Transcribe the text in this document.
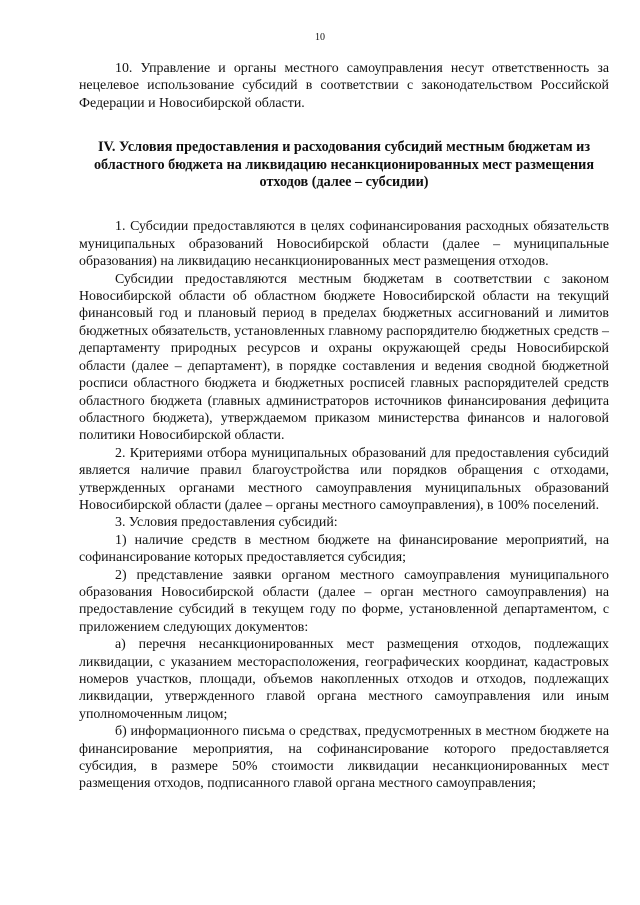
10

10. Управление и органы местного самоуправления несут ответственность за нецелевое использование субсидий в соответствии с законодательством Российской Федерации и Новосибирской области.

IV. Условия предоставления и расходования субсидий местным бюджетам из областного бюджета на ликвидацию несанкционированных мест размещения отходов (далее – субсидии)

1. Субсидии предоставляются в целях софинансирования расходных обязательств муниципальных образований Новосибирской области (далее – муниципальные образования) на ликвидацию несанкционированных мест размещения отходов.

Субсидии предоставляются местным бюджетам в соответствии с законом Новосибирской области об областном бюджете Новосибирской области на текущий финансовый год и плановый период в пределах бюджетных ассигнований и лимитов бюджетных обязательств, установленных главному распорядителю бюджетных средств – департаменту природных ресурсов и охраны окружающей среды Новосибирской области (далее – департамент), в порядке составления и ведения сводной бюджетной росписи областного бюджета и бюджетных росписей главных распорядителей средств областного бюджета (главных администраторов источников финансирования дефицита областного бюджета), утверждаемом приказом министерства финансов и налоговой политики Новосибирской области.

2. Критериями отбора муниципальных образований для предоставления субсидий является наличие правил благоустройства или порядков обращения с отходами, утвержденных органами местного самоуправления муниципальных образований Новосибирской области (далее – органы местного самоуправления), в 100% поселений.

3. Условия предоставления субсидий:

1) наличие средств в местном бюджете на финансирование мероприятий, на софинансирование которых предоставляется субсидия;

2) представление заявки органом местного самоуправления муниципального образования Новосибирской области (далее – орган местного самоуправления) на предоставление субсидий в текущем году по форме, установленной департаментом, с приложением следующих документов:

а) перечня несанкционированных мест размещения отходов, подлежащих ликвидации, с указанием месторасположения, географических координат, кадастровых номеров участков, площади, объемов накопленных отходов и отходов, подлежащих ликвидации, утвержденного главой органа местного самоуправления или иным уполномоченным лицом;

б) информационного письма о средствах, предусмотренных в местном бюджете на финансирование мероприятия, на софинансирование которого предоставляется субсидия, в размере 50% стоимости ликвидации несанкционированных мест размещения отходов, подписанного главой органа местного самоуправления;
